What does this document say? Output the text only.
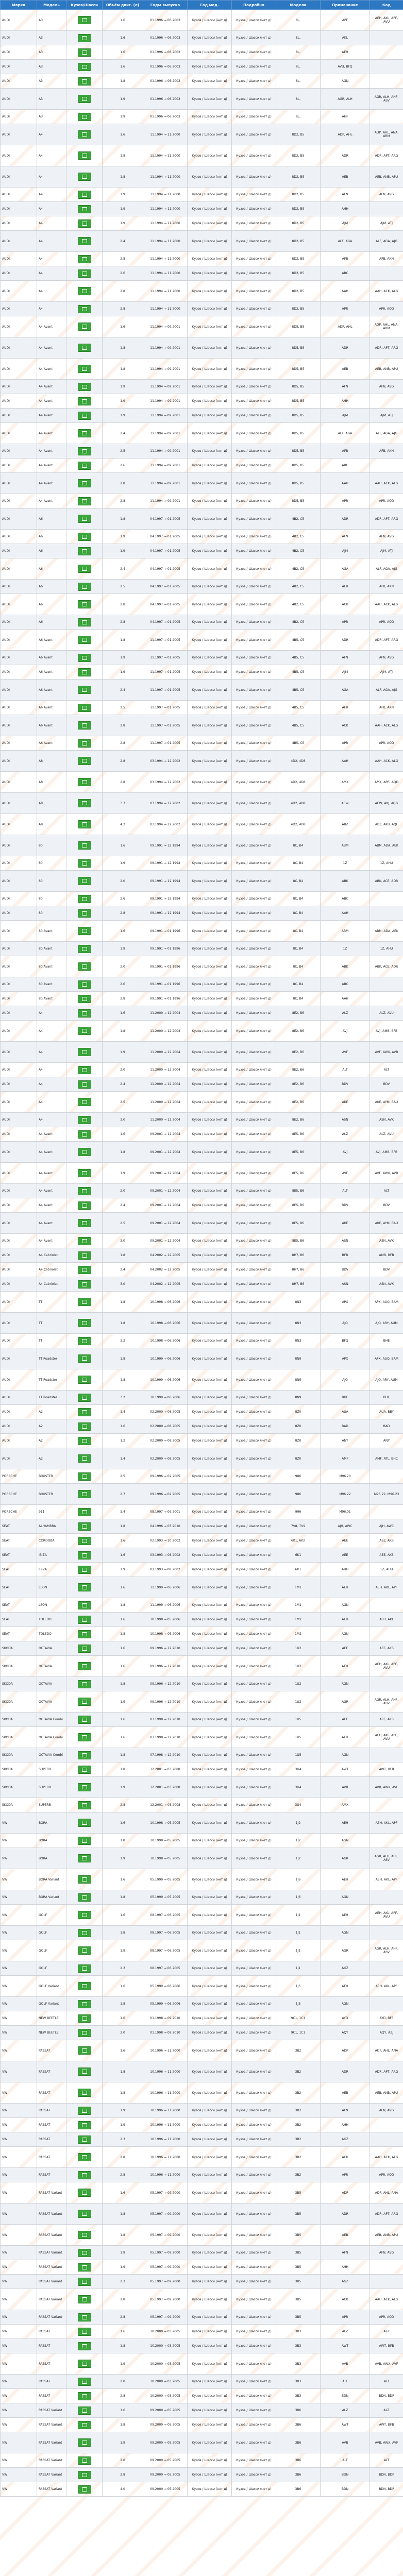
Марка	Модель	Кузов/Шасси	Объём двиг. (л)	Годы выпуска	Год мод.	Подробно	Модели	Примечание	Код
AUDI	A3		1.6	01.1996 → 06.2003	Кузов / Шасси (нет д)	Кузов / Шасси (нет д)	8L,	APF	AEH, AKL, APF, AVU
AUDI	A3		1.6	01.1996 → 06.2003	Кузов / Шасси (нет д)	Кузов / Шасси (нет д)	8L,	AKL	
AUDI	A3		1.6	01.1996 → 06.2003	Кузов / Шасси (нет д)	Кузов / Шасси (нет д)	8L,	AEH	
AUDI	A3		1.6	01.1996 → 06.2003	Кузов / Шасси (нет д)	Кузов / Шасси (нет д)	8L,	AVU, BFQ	
AUDI	A3		1.8	01.1996 → 06.2003	Кузов / Шасси (нет д)	Кузов / Шасси (нет д)	8L,	AGN	
AUDI	A3		1.9	01.1996 → 06.2003	Кузов / Шасси (нет д)	Кузов / Шасси (нет д)	8L,	AGR, ALH	AGR, ALH, AHF, ASV
AUDI	A3		1.9	01.1996 → 06.2003	Кузов / Шасси (нет д)	Кузов / Шасси (нет д)	8L,	AHF	
AUDI	A4		1.6	11.1994 → 11.2000	Кузов / Шасси (нет д)	Кузов / Шасси (нет д)	8D2, B5	ADP, AHL	ADP, AHL, ANA, ARM
AUDI	A4		1.8	11.1994 → 11.2000	Кузов / Шасси (нет д)	Кузов / Шасси (нет д)	8D2, B5	ADR	ADR, APT, ARG
AUDI	A4		1.8	11.1994 → 11.2000	Кузов / Шасси (нет д)	Кузов / Шасси (нет д)	8D2, B5	AEB	AEB, ANB, APU
AUDI	A4		1.9	11.1994 → 11.2000	Кузов / Шасси (нет д)	Кузов / Шасси (нет д)	8D2, B5	AFN	AFN, AVG
AUDI	A4		1.9	11.1994 → 11.2000	Кузов / Шасси (нет д)	Кузов / Шасси (нет д)	8D2, B5	AHH	
AUDI	A4		1.9	11.1994 → 11.2000	Кузов / Шасси (нет д)	Кузов / Шасси (нет д)	8D2, B5	AJM	AJM, ATJ
AUDI	A4		2.4	11.1994 → 11.2000	Кузов / Шасси (нет д)	Кузов / Шасси (нет д)	8D2, B5	ALF, AGA	ALF, AGA, AJG
AUDI	A4		2.5	11.1994 → 11.2000	Кузов / Шасси (нет д)	Кузов / Шасси (нет д)	8D2, B5	AFB	AFB, AKN
AUDI	A4		2.6	11.1994 → 11.2000	Кузов / Шасси (нет д)	Кузов / Шасси (нет д)	8D2, B5	ABC	
AUDI	A4		2.8	11.1994 → 11.2000	Кузов / Шасси (нет д)	Кузов / Шасси (нет д)	8D2, B5	AAH	AAH, ACK, ALG
AUDI	A4		2.8	11.1994 → 11.2000	Кузов / Шасси (нет д)	Кузов / Шасси (нет д)	8D2, B5	APR	APR, AQD
AUDI	A4 Avant		1.6	11.1994 → 09.2001	Кузов / Шасси (нет д)	Кузов / Шасси (нет д)	8D5, B5	ADP, AHL	ADP, AHL, ANA, ARM
AUDI	A4 Avant		1.8	11.1994 → 09.2001	Кузов / Шасси (нет д)	Кузов / Шасси (нет д)	8D5, B5	ADR	ADR, APT, ARG
AUDI	A4 Avant		1.8	11.1994 → 09.2001	Кузов / Шасси (нет д)	Кузов / Шасси (нет д)	8D5, B5	AEB	AEB, ANB, APU
AUDI	A4 Avant		1.9	11.1994 → 09.2001	Кузов / Шасси (нет д)	Кузов / Шасси (нет д)	8D5, B5	AFN	AFN, AVG
AUDI	A4 Avant		1.9	11.1994 → 09.2001	Кузов / Шасси (нет д)	Кузов / Шасси (нет д)	8D5, B5	AHH	
AUDI	A4 Avant		1.9	11.1994 → 09.2001	Кузов / Шасси (нет д)	Кузов / Шасси (нет д)	8D5, B5	AJM	AJM, ATJ
AUDI	A4 Avant		2.4	11.1994 → 09.2001	Кузов / Шасси (нет д)	Кузов / Шасси (нет д)	8D5, B5	ALF, AGA	ALF, AGA, AJG
AUDI	A4 Avant		2.5	11.1994 → 09.2001	Кузов / Шасси (нет д)	Кузов / Шасси (нет д)	8D5, B5	AFB	AFB, AKN
AUDI	A4 Avant		2.6	11.1994 → 09.2001	Кузов / Шасси (нет д)	Кузов / Шасси (нет д)	8D5, B5	ABC	
AUDI	A4 Avant		2.8	11.1994 → 09.2001	Кузов / Шасси (нет д)	Кузов / Шасси (нет д)	8D5, B5	AAH	AAH, ACK, ALG
AUDI	A4 Avant		2.8	11.1994 → 09.2001	Кузов / Шасси (нет д)	Кузов / Шасси (нет д)	8D5, B5	APR	APR, AQD
AUDI	A6		1.8	04.1997 → 01.2005	Кузов / Шасси (нет д)	Кузов / Шасси (нет д)	4B2, C5	ADR	ADR, APT, ARG
AUDI	A6		1.9	04.1997 → 01.2005	Кузов / Шасси (нет д)	Кузов / Шасси (нет д)	4B2, C5	AFN	AFN, AVG
AUDI	A6		1.9	04.1997 → 01.2005	Кузов / Шасси (нет д)	Кузов / Шасси (нет д)	4B2, C5	AJM	AJM, ATJ
AUDI	A6		2.4	04.1997 → 01.2005	Кузов / Шасси (нет д)	Кузов / Шасси (нет д)	4B2, C5	AGA	ALF, AGA, AJG
AUDI	A6		2.5	04.1997 → 01.2005	Кузов / Шасси (нет д)	Кузов / Шасси (нет д)	4B2, C5	AFB	AFB, AKN
AUDI	A6		2.8	04.1997 → 01.2005	Кузов / Шасси (нет д)	Кузов / Шасси (нет д)	4B2, C5	ACK	AAH, ACK, ALG
AUDI	A6		2.8	04.1997 → 01.2005	Кузов / Шасси (нет д)	Кузов / Шасси (нет д)	4B2, C5	APR	APR, AQD
AUDI	A6 Avant		1.8	11.1997 → 01.2005	Кузов / Шасси (нет д)	Кузов / Шасси (нет д)	4B5, C5	ADR	ADR, APT, ARG
AUDI	A6 Avant		1.9	11.1997 → 01.2005	Кузов / Шасси (нет д)	Кузов / Шасси (нет д)	4B5, C5	AFN	AFN, AVG
AUDI	A6 Avant		1.9	11.1997 → 01.2005	Кузов / Шасси (нет д)	Кузов / Шасси (нет д)	4B5, C5	AJM	AJM, ATJ
AUDI	A6 Avant		2.4	11.1997 → 01.2005	Кузов / Шасси (нет д)	Кузов / Шасси (нет д)	4B5, C5	AGA	ALF, AGA, AJG
AUDI	A6 Avant		2.5	11.1997 → 01.2005	Кузов / Шасси (нет д)	Кузов / Шасси (нет д)	4B5, C5	AFB	AFB, AKN
AUDI	A6 Avant		2.8	11.1997 → 01.2005	Кузов / Шасси (нет д)	Кузов / Шасси (нет д)	4B5, C5	ACK	AAH, ACK, ALG
AUDI	A6 Avant		2.8	11.1997 → 01.2005	Кузов / Шасси (нет д)	Кузов / Шасси (нет д)	4B5, C5	APR	APR, AQD
AUDI	A8		2.8	03.1994 → 12.2002	Кузов / Шасси (нет д)	Кузов / Шасси (нет д)	4D2, 4D8	AAH	AAH, ACK, ALG
AUDI	A8		2.8	03.1994 → 12.2002	Кузов / Шасси (нет д)	Кузов / Шасси (нет д)	4D2, 4D8	AMX	AMX, APR, AQD
AUDI	A8		3.7	03.1994 → 12.2002	Кузов / Шасси (нет д)	Кузов / Шасси (нет д)	4D2, 4D8	AEW	AEW, AKJ, AQG
AUDI	A8		4.2	03.1994 → 12.2002	Кузов / Шасси (нет д)	Кузов / Шасси (нет д)	4D2, 4D8	ABZ	ABZ, AKB, AQF
AUDI	80		1.6	09.1991 → 12.1994	Кузов / Шасси (нет д)	Кузов / Шасси (нет д)	8C, B4	ABM	ABM, ADA, AEK
AUDI	80		1.9	09.1991 → 12.1994	Кузов / Шасси (нет д)	Кузов / Шасси (нет д)	8C, B4	1Z	1Z, AHU
AUDI	80		2.0	09.1991 → 12.1994	Кузов / Шасси (нет д)	Кузов / Шасси (нет д)	8C, B4	ABK	ABK, ACE, ADR
AUDI	80		2.6	09.1991 → 12.1994	Кузов / Шасси (нет д)	Кузов / Шасси (нет д)	8C, B4	ABC	
AUDI	80		2.8	09.1991 → 12.1994	Кузов / Шасси (нет д)	Кузов / Шасси (нет д)	8C, B4	AAH	
AUDI	80 Avant		1.6	09.1991 → 01.1996	Кузов / Шасси (нет д)	Кузов / Шасси (нет д)	8C, B4	ABM	ABM, ADA, AEK
AUDI	80 Avant		1.9	09.1991 → 01.1996	Кузов / Шасси (нет д)	Кузов / Шасси (нет д)	8C, B4	1Z	1Z, AHU
AUDI	80 Avant		2.0	09.1991 → 01.1996	Кузов / Шасси (нет д)	Кузов / Шасси (нет д)	8C, B4	ABK	ABK, ACE, ADR
AUDI	80 Avant		2.6	09.1991 → 01.1996	Кузов / Шасси (нет д)	Кузов / Шасси (нет д)	8C, B4	ABC	
AUDI	80 Avant		2.8	09.1991 → 01.1996	Кузов / Шасси (нет д)	Кузов / Шасси (нет д)	8C, B4	AAH	
AUDI	A4		1.6	11.2000 → 12.2004	Кузов / Шасси (нет д)	Кузов / Шасси (нет д)	8E2, B6	ALZ	ALZ, AVU
AUDI	A4		1.8	11.2000 → 12.2004	Кузов / Шасси (нет д)	Кузов / Шасси (нет д)	8E2, B6	AVJ	AVJ, AMB, BFB
AUDI	A4		1.9	11.2000 → 12.2004	Кузов / Шасси (нет д)	Кузов / Шасси (нет д)	8E2, B6	AVF	AVF, AWX, AVB
AUDI	A4		2.0	11.2000 → 12.2004	Кузов / Шасси (нет д)	Кузов / Шасси (нет д)	8E2, B6	ALT	ALT
AUDI	A4		2.4	11.2000 → 12.2004	Кузов / Шасси (нет д)	Кузов / Шасси (нет д)	8E2, B6	BDV	BDV
AUDI	A4		2.5	11.2000 → 12.2004	Кузов / Шасси (нет д)	Кузов / Шасси (нет д)	8E2, B6	AKE	AKE, AYM, BAU
AUDI	A4		3.0	11.2000 → 12.2004	Кузов / Шасси (нет д)	Кузов / Шасси (нет д)	8E2, B6	ASN	ASN, AVK
AUDI	A4 Avant		1.6	09.2001 → 12.2004	Кузов / Шасси (нет д)	Кузов / Шасси (нет д)	8E5, B6	ALZ	ALZ, AVU
AUDI	A4 Avant		1.8	09.2001 → 12.2004	Кузов / Шасси (нет д)	Кузов / Шасси (нет д)	8E5, B6	AVJ	AVJ, AMB, BFB
AUDI	A4 Avant		1.9	09.2001 → 12.2004	Кузов / Шасси (нет д)	Кузов / Шасси (нет д)	8E5, B6	AVF	AVF, AWX, AVB
AUDI	A4 Avant		2.0	09.2001 → 12.2004	Кузов / Шасси (нет д)	Кузов / Шасси (нет д)	8E5, B6	ALT	ALT
AUDI	A4 Avant		2.4	09.2001 → 12.2004	Кузов / Шасси (нет д)	Кузов / Шасси (нет д)	8E5, B6	BDV	BDV
AUDI	A4 Avant		2.5	09.2001 → 12.2004	Кузов / Шасси (нет д)	Кузов / Шасси (нет д)	8E5, B6	AKE	AKE, AYM, BAU
AUDI	A4 Avant		3.0	09.2001 → 12.2004	Кузов / Шасси (нет д)	Кузов / Шасси (нет д)	8E5, B6	ASN	ASN, AVK
AUDI	A4 Cabriolet		1.8	04.2002 → 12.2005	Кузов / Шасси (нет д)	Кузов / Шасси (нет д)	8H7, B6	BFB	AMB, BFB
AUDI	A4 Cabriolet		2.4	04.2002 → 12.2005	Кузов / Шасси (нет д)	Кузов / Шасси (нет д)	8H7, B6	BDV	BDV
AUDI	A4 Cabriolet		3.0	04.2002 → 12.2005	Кузов / Шасси (нет д)	Кузов / Шасси (нет д)	8H7, B6	ASN	ASN, AVK
AUDI	TT		1.8	10.1998 → 06.2006	Кузов / Шасси (нет д)	Кузов / Шасси (нет д)	8N3	APX	APX, AUQ, BAM
AUDI	TT		1.8	10.1998 → 06.2006	Кузов / Шасси (нет д)	Кузов / Шасси (нет д)	8N3	AJQ	AJQ, ARY, AUM
AUDI	TT		3.2	10.1998 → 06.2006	Кузов / Шасси (нет д)	Кузов / Шасси (нет д)	8N3	BFQ	BHE
AUDI	TT Roadster		1.8	10.1999 → 06.2006	Кузов / Шасси (нет д)	Кузов / Шасси (нет д)	8N9	APX	APX, AUQ, BAM
AUDI	TT Roadster		1.8	10.1999 → 06.2006	Кузов / Шасси (нет д)	Кузов / Шасси (нет д)	8N9	AJQ	AJQ, ARY, AUM
AUDI	TT Roadster		3.2	10.1999 → 06.2006	Кузов / Шасси (нет д)	Кузов / Шасси (нет д)	8N9	BHE	BHE
AUDI	A2		1.4	02.2000 → 08.2005	Кузов / Шасси (нет д)	Кузов / Шасси (нет д)	8Z0	AUA	AUA, BBY
AUDI	A2		1.6	02.2000 → 08.2005	Кузов / Шасси (нет д)	Кузов / Шасси (нет д)	8Z0	BAD	BAD
AUDI	A2		1.2	02.2000 → 08.2005	Кузов / Шасси (нет д)	Кузов / Шасси (нет д)	8Z0	ANY	ANY
AUDI	A2		1.4	02.2000 → 08.2005	Кузов / Шасси (нет д)	Кузов / Шасси (нет д)	8Z0	AMF	AMF, ATL, BHC
PORSCHE	BOXSTER		2.5	09.1996 → 02.2005	Кузов / Шасси (нет д)	Кузов / Шасси (нет д)	986	M96.20	
PORSCHE	BOXSTER		2.7	09.1996 → 02.2005	Кузов / Шасси (нет д)	Кузов / Шасси (нет д)	986	M96.22	M96.22, M96.23
PORSCHE	911		3.4	08.1997 → 09.2001	Кузов / Шасси (нет д)	Кузов / Шасси (нет д)	996	M96.01	
SEAT	ALHAMBRA		1.8	04.1996 → 03.2010	Кузов / Шасси (нет д)	Кузов / Шасси (нет д)	7V8, 7V9	AJH, AWC	AJH, AWC
SEAT	CORDOBA		1.6	02.1993 → 10.2002	Кузов / Шасси (нет д)	Кузов / Шасси (нет д)	6K1, 6K2	AEE	AEE, AKS
SEAT	IBIZA		1.6	03.1993 → 08.2002	Кузов / Шасси (нет д)	Кузов / Шасси (нет д)	6K1	AEE	AEE, AKS
SEAT	IBIZA		1.9	03.1993 → 08.2002	Кузов / Шасси (нет д)	Кузов / Шасси (нет д)	6K1	AHU	1Z, AHU
SEAT	LEON		1.6	11.1999 → 06.2006	Кузов / Шасси (нет д)	Кузов / Шасси (нет д)	1M1	AEH	AEH, AKL, APF
SEAT	LEON		1.8	11.1999 → 06.2006	Кузов / Шасси (нет д)	Кузов / Шасси (нет д)	1M1	AGN	
SEAT	TOLEDO		1.6	10.1998 → 05.2006	Кузов / Шасси (нет д)	Кузов / Шасси (нет д)	1M2	AEH	AEH, AKL
SEAT	TOLEDO		1.8	10.1998 → 05.2006	Кузов / Шасси (нет д)	Кузов / Шасси (нет д)	1M2	AGN	
SKODA	OCTAVIA		1.6	09.1996 → 12.2010	Кузов / Шасси (нет д)	Кузов / Шасси (нет д)	1U2	AEE	AEE, AKS
SKODA	OCTAVIA		1.6	09.1996 → 12.2010	Кузов / Шасси (нет д)	Кузов / Шасси (нет д)	1U2	AEH	AEH, AKL, APF, AVU
SKODA	OCTAVIA		1.8	09.1996 → 12.2010	Кузов / Шасси (нет д)	Кузов / Шасси (нет д)	1U2	AGN	
SKODA	OCTAVIA		1.9	09.1996 → 12.2010	Кузов / Шасси (нет д)	Кузов / Шасси (нет д)	1U2	AGR	AGR, ALH, AHF, ASV
SKODA	OCTAVIA Combi		1.6	07.1998 → 12.2010	Кузов / Шасси (нет д)	Кузов / Шасси (нет д)	1U5	AEE	AEE, AKS
SKODA	OCTAVIA Combi		1.6	07.1998 → 12.2010	Кузов / Шасси (нет д)	Кузов / Шасси (нет д)	1U5	AEH	AEH, AKL, APF, AVU
SKODA	OCTAVIA Combi		1.8	07.1998 → 12.2010	Кузов / Шасси (нет д)	Кузов / Шасси (нет д)	1U5	AGN	
SKODA	SUPERB		1.8	12.2001 → 03.2008	Кузов / Шасси (нет д)	Кузов / Шасси (нет д)	3U4	AWT	AWT, BFB
SKODA	SUPERB		1.9	12.2001 → 03.2008	Кузов / Шасси (нет д)	Кузов / Шасси (нет д)	3U4	AVB	AVB, AWX, AVF
SKODA	SUPERB		2.8	12.2001 → 03.2008	Кузов / Шасси (нет д)	Кузов / Шасси (нет д)	3U4	AMX	
VW	BORA		1.6	10.1998 → 05.2005	Кузов / Шасси (нет д)	Кузов / Шасси (нет д)	1J2	AEH	AEH, AKL, APF
VW	BORA		1.8	10.1998 → 05.2005	Кузов / Шасси (нет д)	Кузов / Шасси (нет д)	1J2	AGN	
VW	BORA		1.9	10.1998 → 05.2005	Кузов / Шасси (нет д)	Кузов / Шасси (нет д)	1J2	AGR	AGR, ALH, AHF, ASV
VW	BORA Variant		1.6	05.1999 → 05.2005	Кузов / Шасси (нет д)	Кузов / Шасси (нет д)	1J6	AEH	AEH, AKL, APF
VW	BORA Variant		1.8	05.1999 → 05.2005	Кузов / Шасси (нет д)	Кузов / Шасси (нет д)	1J6	AGN	
VW	GOLF		1.6	08.1997 → 06.2005	Кузов / Шасси (нет д)	Кузов / Шасси (нет д)	1J1	AEH	AEH, AKL, APF, AVU
VW	GOLF		1.8	08.1997 → 06.2005	Кузов / Шасси (нет д)	Кузов / Шасси (нет д)	1J1	AGN	
VW	GOLF		1.9	08.1997 → 06.2005	Кузов / Шасси (нет д)	Кузов / Шасси (нет д)	1J1	AGR	AGR, ALH, AHF, ASV
VW	GOLF		2.3	08.1997 → 06.2005	Кузов / Шасси (нет д)	Кузов / Шасси (нет д)	1J1	AGZ	
VW	GOLF Variant		1.6	05.1999 → 06.2006	Кузов / Шасси (нет д)	Кузов / Шасси (нет д)	1J5	AEH	AEH, AKL, APF
VW	GOLF Variant		1.8	05.1999 → 06.2006	Кузов / Шасси (нет д)	Кузов / Шасси (нет д)	1J5	AGN	
VW	NEW BEETLE		1.6	01.1998 → 09.2010	Кузов / Шасси (нет д)	Кузов / Шасси (нет д)	9C1, 1C1	AYD	AYD, BFS
VW	NEW BEETLE		2.0	01.1998 → 09.2010	Кузов / Шасси (нет д)	Кузов / Шасси (нет д)	9C1, 1C1	AQY	AQY, AZJ
VW	PASSAT		1.6	10.1996 → 11.2000	Кузов / Шасси (нет д)	Кузов / Шасси (нет д)	3B2	ADP	ADP, AHL, ANA
VW	PASSAT		1.8	10.1996 → 11.2000	Кузов / Шасси (нет д)	Кузов / Шасси (нет д)	3B2	ADR	ADR, APT, ARG
VW	PASSAT		1.8	10.1996 → 11.2000	Кузов / Шасси (нет д)	Кузов / Шасси (нет д)	3B2	AEB	AEB, ANB, APU
VW	PASSAT		1.9	10.1996 → 11.2000	Кузов / Шасси (нет д)	Кузов / Шасси (нет д)	3B2	AFN	AFN, AVG
VW	PASSAT		1.9	10.1996 → 11.2000	Кузов / Шасси (нет д)	Кузов / Шасси (нет д)	3B2	AHH	
VW	PASSAT		2.3	10.1996 → 11.2000	Кузов / Шасси (нет д)	Кузов / Шасси (нет д)	3B2	AGZ	
VW	PASSAT		2.8	10.1996 → 11.2000	Кузов / Шасси (нет д)	Кузов / Шасси (нет д)	3B2	ACK	AAH, ACK, ALG
VW	PASSAT		2.8	10.1996 → 11.2000	Кузов / Шасси (нет д)	Кузов / Шасси (нет д)	3B2	APR	APR, AQD
VW	PASSAT Variant		1.6	05.1997 → 09.2000	Кузов / Шасси (нет д)	Кузов / Шасси (нет д)	3B5	ADP	ADP, AHL, ANA
VW	PASSAT Variant		1.8	05.1997 → 09.2000	Кузов / Шасси (нет д)	Кузов / Шасси (нет д)	3B5	ADR	ADR, APT, ARG
VW	PASSAT Variant		1.8	05.1997 → 09.2000	Кузов / Шасси (нет д)	Кузов / Шасси (нет д)	3B5	AEB	AEB, ANB, APU
VW	PASSAT Variant		1.9	05.1997 → 09.2000	Кузов / Шасси (нет д)	Кузов / Шасси (нет д)	3B5	AFN	AFN, AVG
VW	PASSAT Variant		1.9	05.1997 → 09.2000	Кузов / Шасси (нет д)	Кузов / Шасси (нет д)	3B5	AHH	
VW	PASSAT Variant		2.3	05.1997 → 09.2000	Кузов / Шасси (нет д)	Кузов / Шасси (нет д)	3B5	AGZ	
VW	PASSAT Variant		2.8	05.1997 → 09.2000	Кузов / Шасси (нет д)	Кузов / Шасси (нет д)	3B5	ACK	AAH, ACK, ALG
VW	PASSAT Variant		2.8	05.1997 → 09.2000	Кузов / Шасси (нет д)	Кузов / Шасси (нет д)	3B5	APR	APR, AQD
VW	PASSAT		1.6	10.2000 → 03.2005	Кузов / Шасси (нет д)	Кузов / Шасси (нет д)	3B3	ALZ	ALZ
VW	PASSAT		1.8	10.2000 → 03.2005	Кузов / Шасси (нет д)	Кузов / Шасси (нет д)	3B3	AWT	AWT, BFB
VW	PASSAT		1.9	10.2000 → 03.2005	Кузов / Шасси (нет д)	Кузов / Шасси (нет д)	3B3	AVB	AVB, AWX, AVF
VW	PASSAT		2.0	10.2000 → 03.2005	Кузов / Шасси (нет д)	Кузов / Шасси (нет д)	3B3	ALT	ALT
VW	PASSAT		2.8	10.2000 → 03.2005	Кузов / Шасси (нет д)	Кузов / Шасси (нет д)	3B3	BDN	BDN, BDP
VW	PASSAT Variant		1.6	09.2000 → 05.2005	Кузов / Шасси (нет д)	Кузов / Шасси (нет д)	3B6	ALZ	ALZ
VW	PASSAT Variant		1.8	09.2000 → 05.2005	Кузов / Шасси (нет д)	Кузов / Шасси (нет д)	3B6	AWT	AWT, BFB
VW	PASSAT Variant		1.9	09.2000 → 05.2005	Кузов / Шасси (нет д)	Кузов / Шасси (нет д)	3B6	AVB	AVB, AWX, AVF
VW	PASSAT Variant		2.0	09.2000 → 05.2005	Кузов / Шасси (нет д)	Кузов / Шасси (нет д)	3B6	ALT	ALT
VW	PASSAT Variant		2.8	09.2000 → 05.2005	Кузов / Шасси (нет д)	Кузов / Шасси (нет д)	3B6	BDN	BDN, BDP
VW	PASSAT Variant		4.0	09.2000 → 05.2005	Кузов / Шасси (нет д)	Кузов / Шасси (нет д)	3B6	BDN	BDN, BDP
